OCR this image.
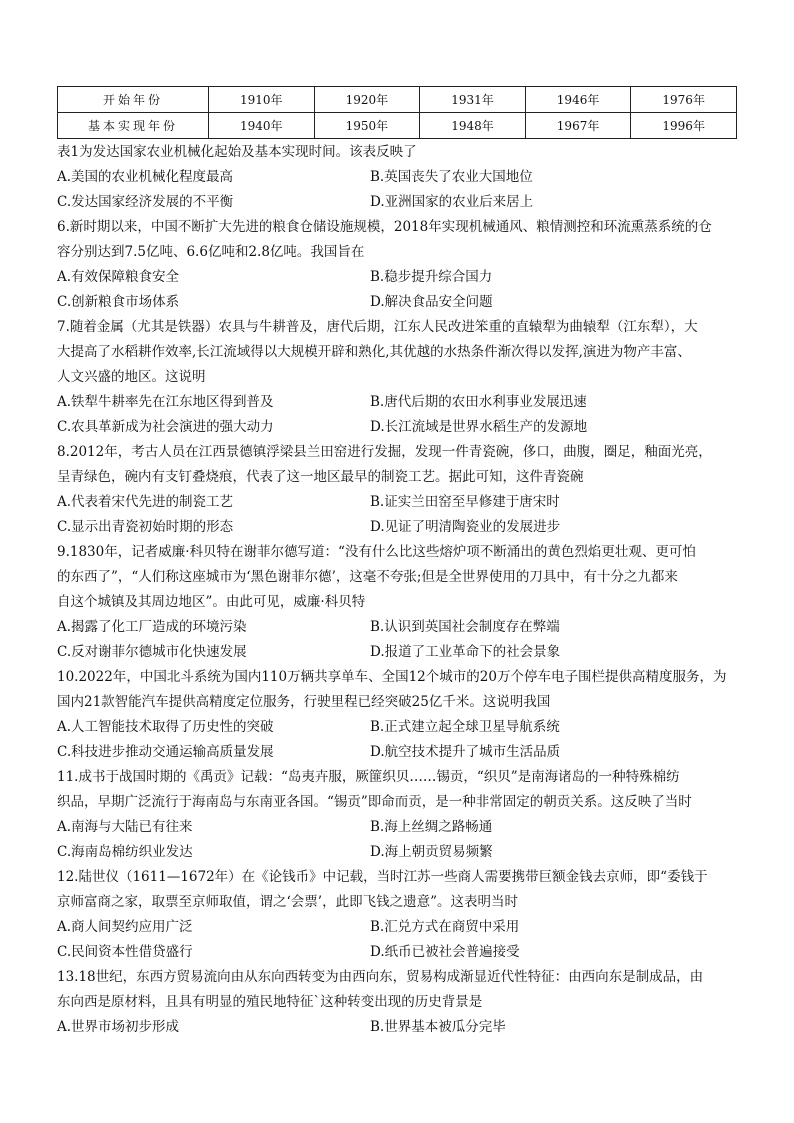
开始年份	1910年	1920年	1931年	1946年	1976年
基本实现年份	1940年	1950年	1948年	1967年	1996年
表1为发达国家农业机械化起始及基本实现时间。该表反映了
A.美国的农业机械化程度最高	B.英国丧失了农业大国地位
C.发达国家经济发展的不平衡	D.亚洲国家的农业后来居上
6.新时期以来，中国不断扩大先进的粮食仓储设施规模，2018年实现机械通风、粮情测控和环流熏蒸系统的仓
容分别达到7.5亿吨、6.6亿吨和2.8亿吨。我国旨在
A.有效保障粮食安全	B.稳步提升综合国力
C.创新粮食市场体系	D.解决食品安全问题
7.随着金属（尤其是铁器）农具与牛耕普及，唐代后期，江东人民改进笨重的直辕犁为曲辕犁（江东犁），大
大提高了水稻耕作效率,长江流域得以大规模开辟和熟化,其优越的水热条件渐次得以发挥,演进为物产丰富、
人文兴盛的地区。这说明
A.铁犁牛耕率先在江东地区得到普及	B.唐代后期的农田水利事业发展迅速
C.农具革新成为社会演进的强大动力	D.长江流域是世界水稻生产的发源地
8.2012年，考古人员在江西景德镇浮梁县兰田窑进行发掘，发现一件青瓷碗，侈口，曲腹，圈足，釉面光亮，
呈青绿色，碗内有支钉叠烧痕，代表了这一地区最早的制瓷工艺。据此可知，这件青瓷碗
A.代表着宋代先进的制瓷工艺	B.证实兰田窑至早修建于唐宋时
C.显示出青瓷初始时期的形态	D.见证了明清陶瓷业的发展进步
9.1830年，记者威廉·科贝特在谢菲尔德写道：“没有什么比这些熔炉项不断涌出的黄色烈焰更壮观、更可怕
的东西了”，“人们称这座城市为‘黑色谢菲尔德’，这毫不夸张;但是全世界使用的刀具中，有十分之九都来
自这个城镇及其周边地区”。由此可见，威廉·科贝特
A.揭露了化工厂造成的环境污染	B.认识到英国社会制度存在弊端
C.反对谢菲尔德城市化快速发展	D.报道了工业革命下的社会景象
10.2022年，中国北斗系统为国内110万辆共享单车、全国12个城市的20万个停车电子围栏提供高精度服务，为
国内21款智能汽车提供高精度定位服务，行驶里程已经突破25亿千米。这说明我国
A.人工智能技术取得了历史性的突破	B.正式建立起全球卫星导航系统
C.科技进步推动交通运输高质量发展	D.航空技术提升了城市生活品质
11.成书于战国时期的《禹贡》记载：“岛夷卉服，厥篚织贝……锡贡，“织贝”是南海诸岛的一种特殊棉纺
织品，早期广泛流行于海南岛与东南亚各国。“锡贡”即命而贡，是一种非常固定的朝贡关系。这反映了当时
A.南海与大陆已有往来	B.海上丝绸之路畅通
C.海南岛棉纺织业发达	D.海上朝贡贸易频繁
12.陆世仪（1611—1672年）在《论钱币》中记载，当时江苏一些商人需要携带巨额金钱去京师，即“委钱于
京师富商之家，取票至京师取值，谓之‘会票’，此即飞钱之遗意”。这表明当时
A.商人间契约应用广泛	B.汇兑方式在商贸中采用
C.民间资本性借贷盛行	D.纸币已被社会普遍接受
13.18世纪，东西方贸易流向由从东向西转变为由西向东，贸易构成渐显近代性特征：由西向东是制成品，由
东向西是原材料，且具有明显的殖民地特征`这种转变出现的历史背景是
A.世界市场初步形成	B.世界基本被瓜分完毕
